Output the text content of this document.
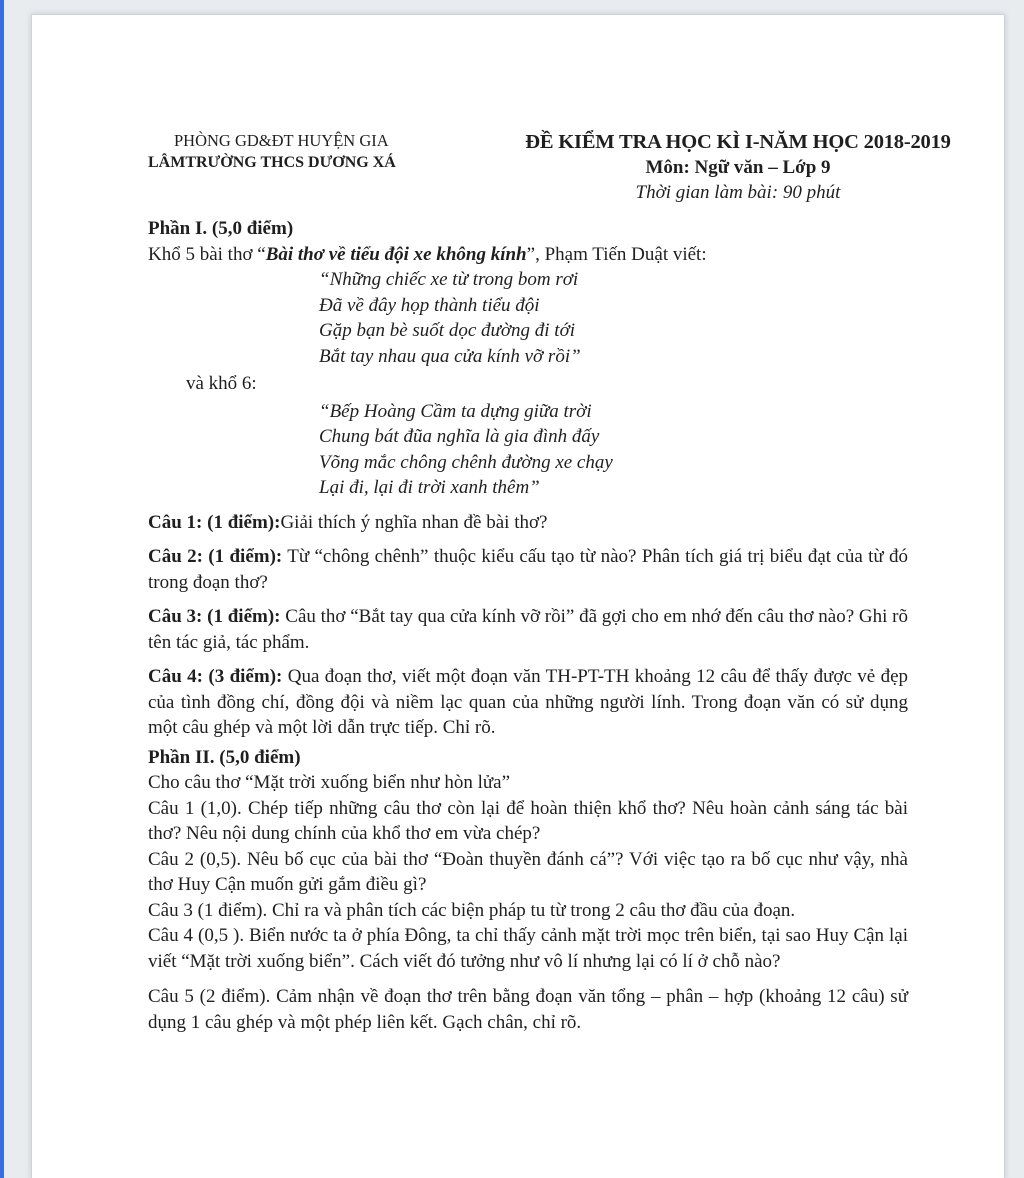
PHÒNG GD&ĐT HUYỆN GIA
LÂMTRƯỜNG THCS DƯƠNG XÁ
ĐỀ KIỂM TRA HỌC KÌ I-NĂM HỌC 2018-2019
Môn: Ngữ văn – Lớp 9
Thời gian làm bài: 90 phút

Phần I. (5,0 điểm)

Khổ 5 bài thơ “Bài thơ về tiểu đội xe không kính”, Phạm Tiến Duật viết:

“Những chiếc xe từ trong bom rơi
Đã về đây họp thành tiểu đội
Gặp bạn bè suốt dọc đường đi tới
Bắt tay nhau qua cửa kính vỡ rồi”

và khổ 6:

“Bếp Hoàng Cầm ta dựng giữa trời
Chung bát đũa nghĩa là gia đình đấy
Võng mắc chông chênh đường xe chạy
Lại đi, lại đi trời xanh thêm”

Câu 1: (1 điểm):Giải thích ý nghĩa nhan đề bài thơ?

Câu 2: (1 điểm): Từ “chông chênh” thuộc kiểu cấu tạo từ nào? Phân tích giá trị biểu đạt của từ đó trong đoạn thơ?

Câu 3: (1 điểm): Câu thơ “Bắt tay qua cửa kính vỡ rồi” đã gợi cho em nhớ đến câu thơ nào? Ghi rõ tên tác giả, tác phẩm.

Câu 4: (3 điểm): Qua đoạn thơ, viết một đoạn văn TH-PT-TH khoảng 12 câu để thấy được vẻ đẹp của tình đồng chí, đồng đội và niềm lạc quan của những người lính. Trong đoạn văn có sử dụng một câu ghép và một lời dẫn trực tiếp. Chỉ rõ.

Phần II. (5,0 điểm)

Cho câu thơ “Mặt trời xuống biển như hòn lửa”

Câu 1 (1,0). Chép tiếp những câu thơ còn lại để hoàn thiện khổ thơ? Nêu hoàn cảnh sáng tác bài thơ? Nêu nội dung chính của khổ thơ em vừa chép?

Câu 2 (0,5). Nêu bố cục của bài thơ “Đoàn thuyền đánh cá”? Với việc tạo ra bố cục như vậy, nhà thơ Huy Cận muốn gửi gắm điều gì?

Câu 3 (1 điểm). Chỉ ra và phân tích các biện pháp tu từ trong 2 câu thơ đầu của đoạn.

Câu 4 (0,5 ). Biển nước ta ở phía Đông, ta chỉ thấy cảnh mặt trời mọc trên biển, tại sao Huy Cận lại viết “Mặt trời xuống biển”. Cách viết đó tưởng như vô lí nhưng lại có lí ở chỗ nào?

Câu 5 (2 điểm). Cảm nhận về đoạn thơ trên bằng đoạn văn tổng – phân – hợp (khoảng 12 câu) sử dụng 1 câu ghép và một phép liên kết. Gạch chân, chỉ rõ.
